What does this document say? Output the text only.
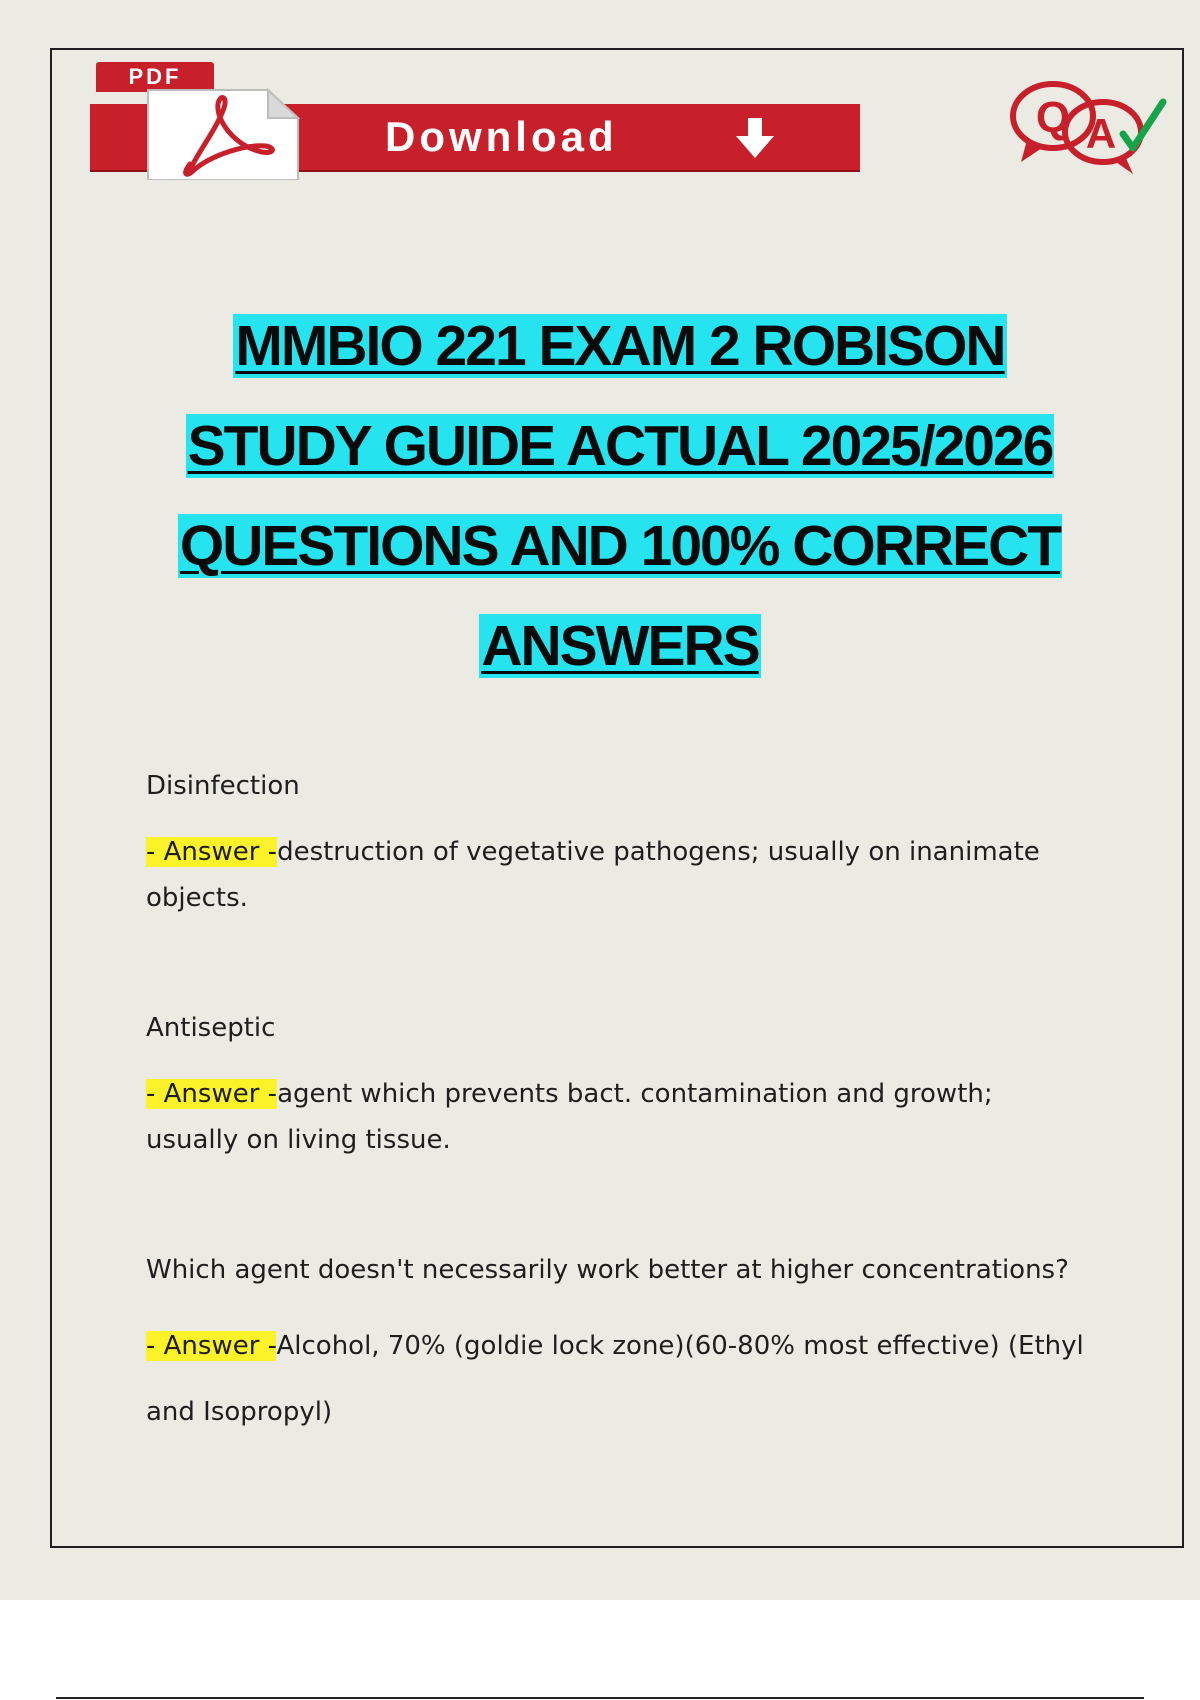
PDF
Download	Q A
MMBIO 221 EXAM 2 ROBISON
STUDY GUIDE ACTUAL 2025/2026
QUESTIONS AND 100% CORRECT
ANSWERS
Disinfection
- Answer -destruction of vegetative pathogens; usually on inanimate objects.
Antiseptic
- Answer -agent which prevents bact. contamination and growth; usually on living tissue.
Which agent doesn't necessarily work better at higher concentrations?
- Answer -Alcohol, 70% (goldie lock zone)(60-80% most effective) (Ethyl and Isopropyl)
